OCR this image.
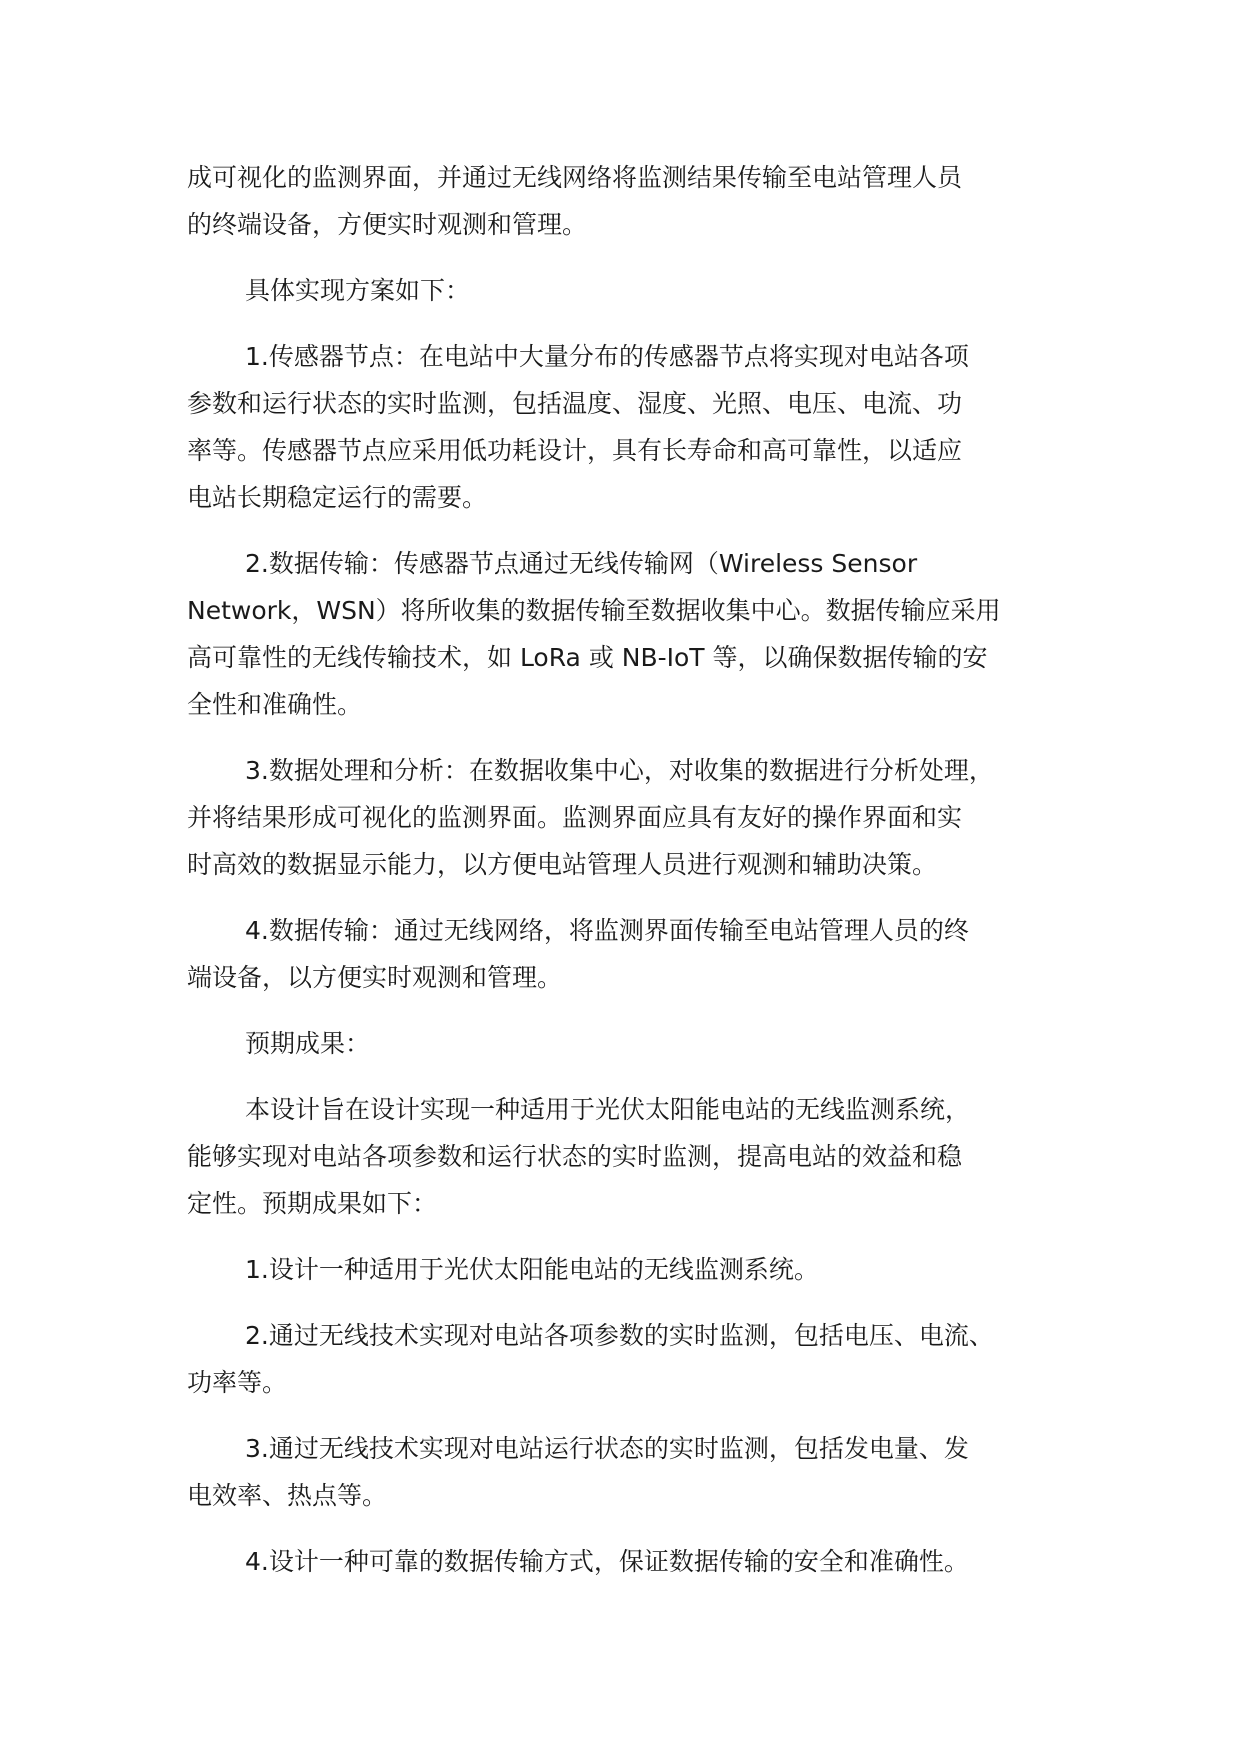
成可视化的监测界面，并通过无线网络将监测结果传输至电站管理人员
的终端设备，方便实时观测和管理。
具体实现方案如下：
1.传感器节点：在电站中大量分布的传感器节点将实现对电站各项
参数和运行状态的实时监测，包括温度、湿度、光照、电压、电流、功
率等。传感器节点应采用低功耗设计，具有长寿命和高可靠性，以适应
电站长期稳定运行的需要。
2.数据传输：传感器节点通过无线传输网（Wireless Sensor
Network，WSN）将所收集的数据传输至数据收集中心。数据传输应采用
高可靠性的无线传输技术，如 LoRa 或 NB-IoT 等，以确保数据传输的安
全性和准确性。
3.数据处理和分析：在数据收集中心，对收集的数据进行分析处理，
并将结果形成可视化的监测界面。监测界面应具有友好的操作界面和实
时高效的数据显示能力，以方便电站管理人员进行观测和辅助决策。
4.数据传输：通过无线网络，将监测界面传输至电站管理人员的终
端设备，以方便实时观测和管理。
预期成果：
本设计旨在设计实现一种适用于光伏太阳能电站的无线监测系统，
能够实现对电站各项参数和运行状态的实时监测，提高电站的效益和稳
定性。预期成果如下：
1.设计一种适用于光伏太阳能电站的无线监测系统。
2.通过无线技术实现对电站各项参数的实时监测，包括电压、电流、
功率等。
3.通过无线技术实现对电站运行状态的实时监测，包括发电量、发
电效率、热点等。
4.设计一种可靠的数据传输方式，保证数据传输的安全和准确性。
